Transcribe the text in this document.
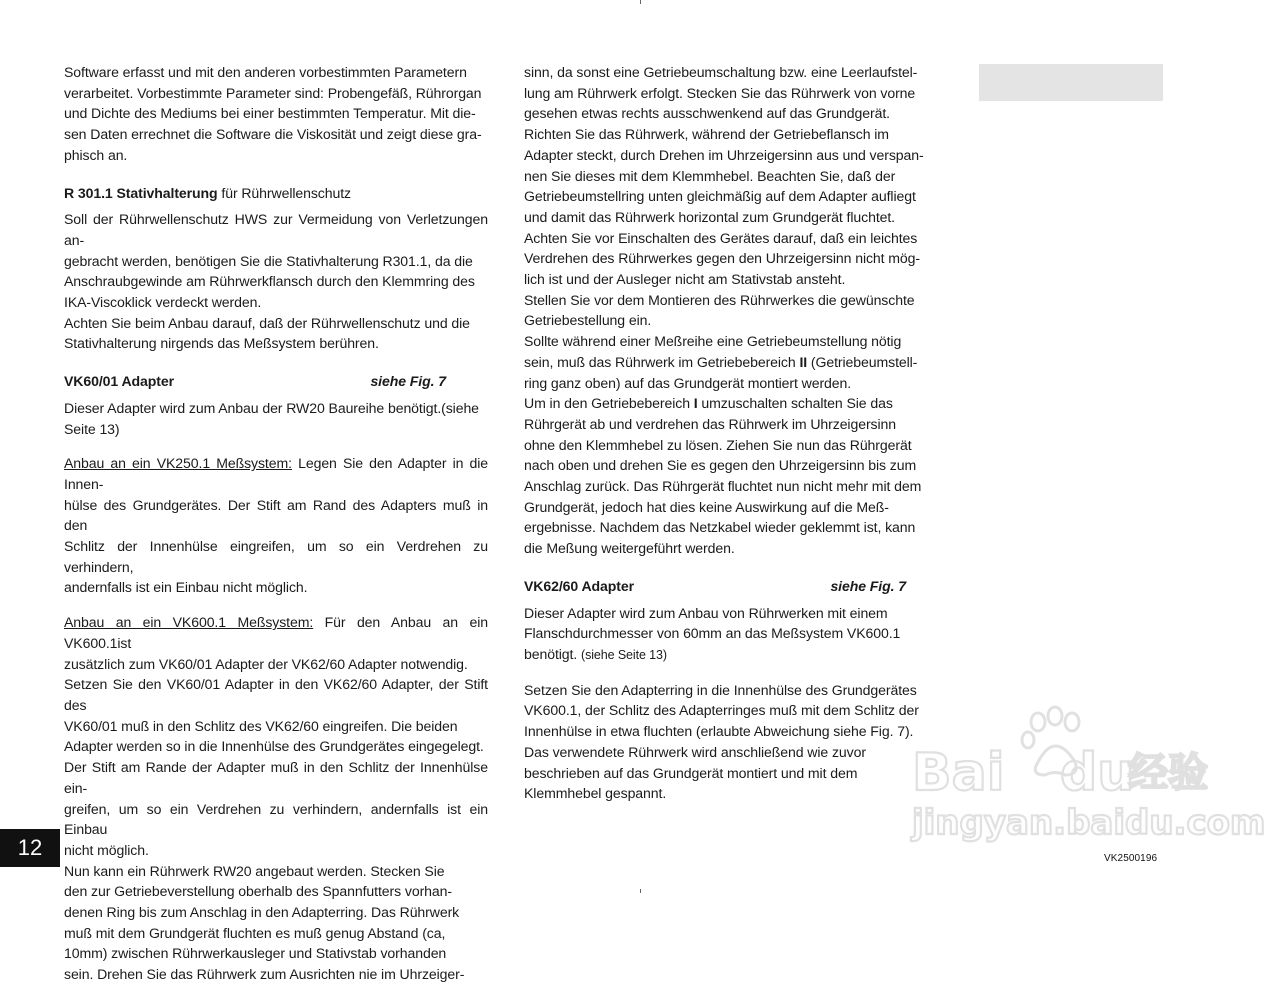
Software erfasst und mit den anderen vorbestimmten Parametern
verarbeitet. Vorbestimmte Parameter sind: Probengefäß, Rührorgan
und Dichte des Mediums bei einer bestimmten Temperatur. Mit die-
sen Daten errechnet die Software die Viskosität und zeigt diese gra-
phisch an.

R 301.1 Stativhalterung für Rührwellenschutz

Soll der Rührwellenschutz HWS zur Vermeidung von Verletzungen an-
gebracht werden, benötigen Sie die Stativhalterung R301.1, da die
Anschraubgewinde am Rührwerkflansch durch den Klemmring des
IKA-Viscoklick verdeckt werden.

Achten Sie beim Anbau darauf, daß der Rührwellenschutz und die
Stativhalterung nirgends das Meßsystem berühren.

VK60/01 Adapter	siehe Fig. 7

Dieser Adapter wird zum Anbau der RW20 Baureihe benötigt.(siehe
Seite 13)

Anbau an ein VK250.1 Meßsystem: Legen Sie den Adapter in die Innen-
hülse des Grundgerätes. Der Stift am Rand des Adapters muß in den
Schlitz der Innenhülse eingreifen, um so ein Verdrehen zu verhindern,
andernfalls ist ein Einbau nicht möglich.

Anbau an ein VK600.1 Meßsystem: Für den Anbau an ein VK600.1ist
zusätzlich zum VK60/01 Adapter der VK62/60 Adapter notwendig.
Setzen Sie den VK60/01 Adapter in den VK62/60 Adapter, der Stift des
VK60/01 muß in den Schlitz des VK62/60 eingreifen. Die beiden
Adapter werden so in die Innenhülse des Grundgerätes eingegelegt.
Der Stift am Rande der Adapter muß in den Schlitz der Innenhülse ein-
greifen, um so ein Verdrehen zu verhindern, andernfalls ist ein Einbau
nicht möglich.

Nun kann ein Rührwerk RW20 angebaut werden. Stecken Sie
den zur Getriebeverstellung oberhalb des Spannfutters vorhan-
denen Ring bis zum Anschlag in den Adapterring. Das Rührwerk
muß mit dem Grundgerät fluchten es muß genug Abstand (ca,
10mm) zwischen Rührwerkausleger und Stativstab vorhanden
sein. Drehen Sie das Rührwerk zum Ausrichten nie im Uhrzeiger-

sinn, da sonst eine Getriebeumschaltung bzw. eine Leerlaufstel-
lung am Rührwerk erfolgt. Stecken Sie das Rührwerk von vorne
gesehen etwas rechts ausschwenkend auf das Grundgerät.
Richten Sie das Rührwerk, während der Getriebeflansch im
Adapter steckt, durch Drehen im Uhrzeigersinn aus und verspan-
nen Sie dieses mit dem Klemmhebel. Beachten Sie, daß der
Getriebeumstellring unten gleichmäßig auf dem Adapter aufliegt
und damit das Rührwerk horizontal zum Grundgerät fluchtet.
Achten Sie vor Einschalten des Gerätes darauf, daß ein leichtes
Verdrehen des Rührwerkes gegen den Uhrzeigersinn nicht mög-
lich ist und der Ausleger nicht am Stativstab ansteht.

Stellen Sie vor dem Montieren des Rührwerkes die gewünschte
Getriebestellung ein.

Sollte während einer Meßreihe eine Getriebeumstellung nötig
sein, muß das Rührwerk im Getriebebereich II (Getriebeumstell-
ring ganz oben) auf das Grundgerät montiert werden.

Um in den Getriebebereich I umzuschalten schalten Sie das
Rührgerät ab und verdrehen das Rührwerk im Uhrzeigersinn
ohne den Klemmhebel zu lösen. Ziehen Sie nun das Rührgerät
nach oben und drehen Sie es gegen den Uhrzeigersinn bis zum
Anschlag zurück. Das Rührgerät fluchtet nun nicht mehr mit dem
Grundgerät, jedoch hat dies keine Auswirkung auf die Meß-
ergebnisse. Nachdem das Netzkabel wieder geklemmt ist, kann
die Meßung weitergeführt werden.

VK62/60 Adapter	siehe Fig. 7

Dieser Adapter wird zum Anbau von Rührwerken mit einem
Flanschdurchmesser von 60mm an das Meßsystem VK600.1
benötigt. (siehe Seite 13)

Setzen Sie den Adapterring in die Innenhülse des Grundgerätes
VK600.1, der Schlitz des Adapterringes muß mit dem Schlitz der
Innenhülse in etwa fluchten (erlaubte Abweichung siehe Fig. 7).
Das verwendete Rührwerk wird anschließend wie zuvor
beschrieben auf das Grundgerät montiert und mit dem
Klemmhebel gespannt.

12	VK2500196
Bai du
经验
jingyan.baidu.com
